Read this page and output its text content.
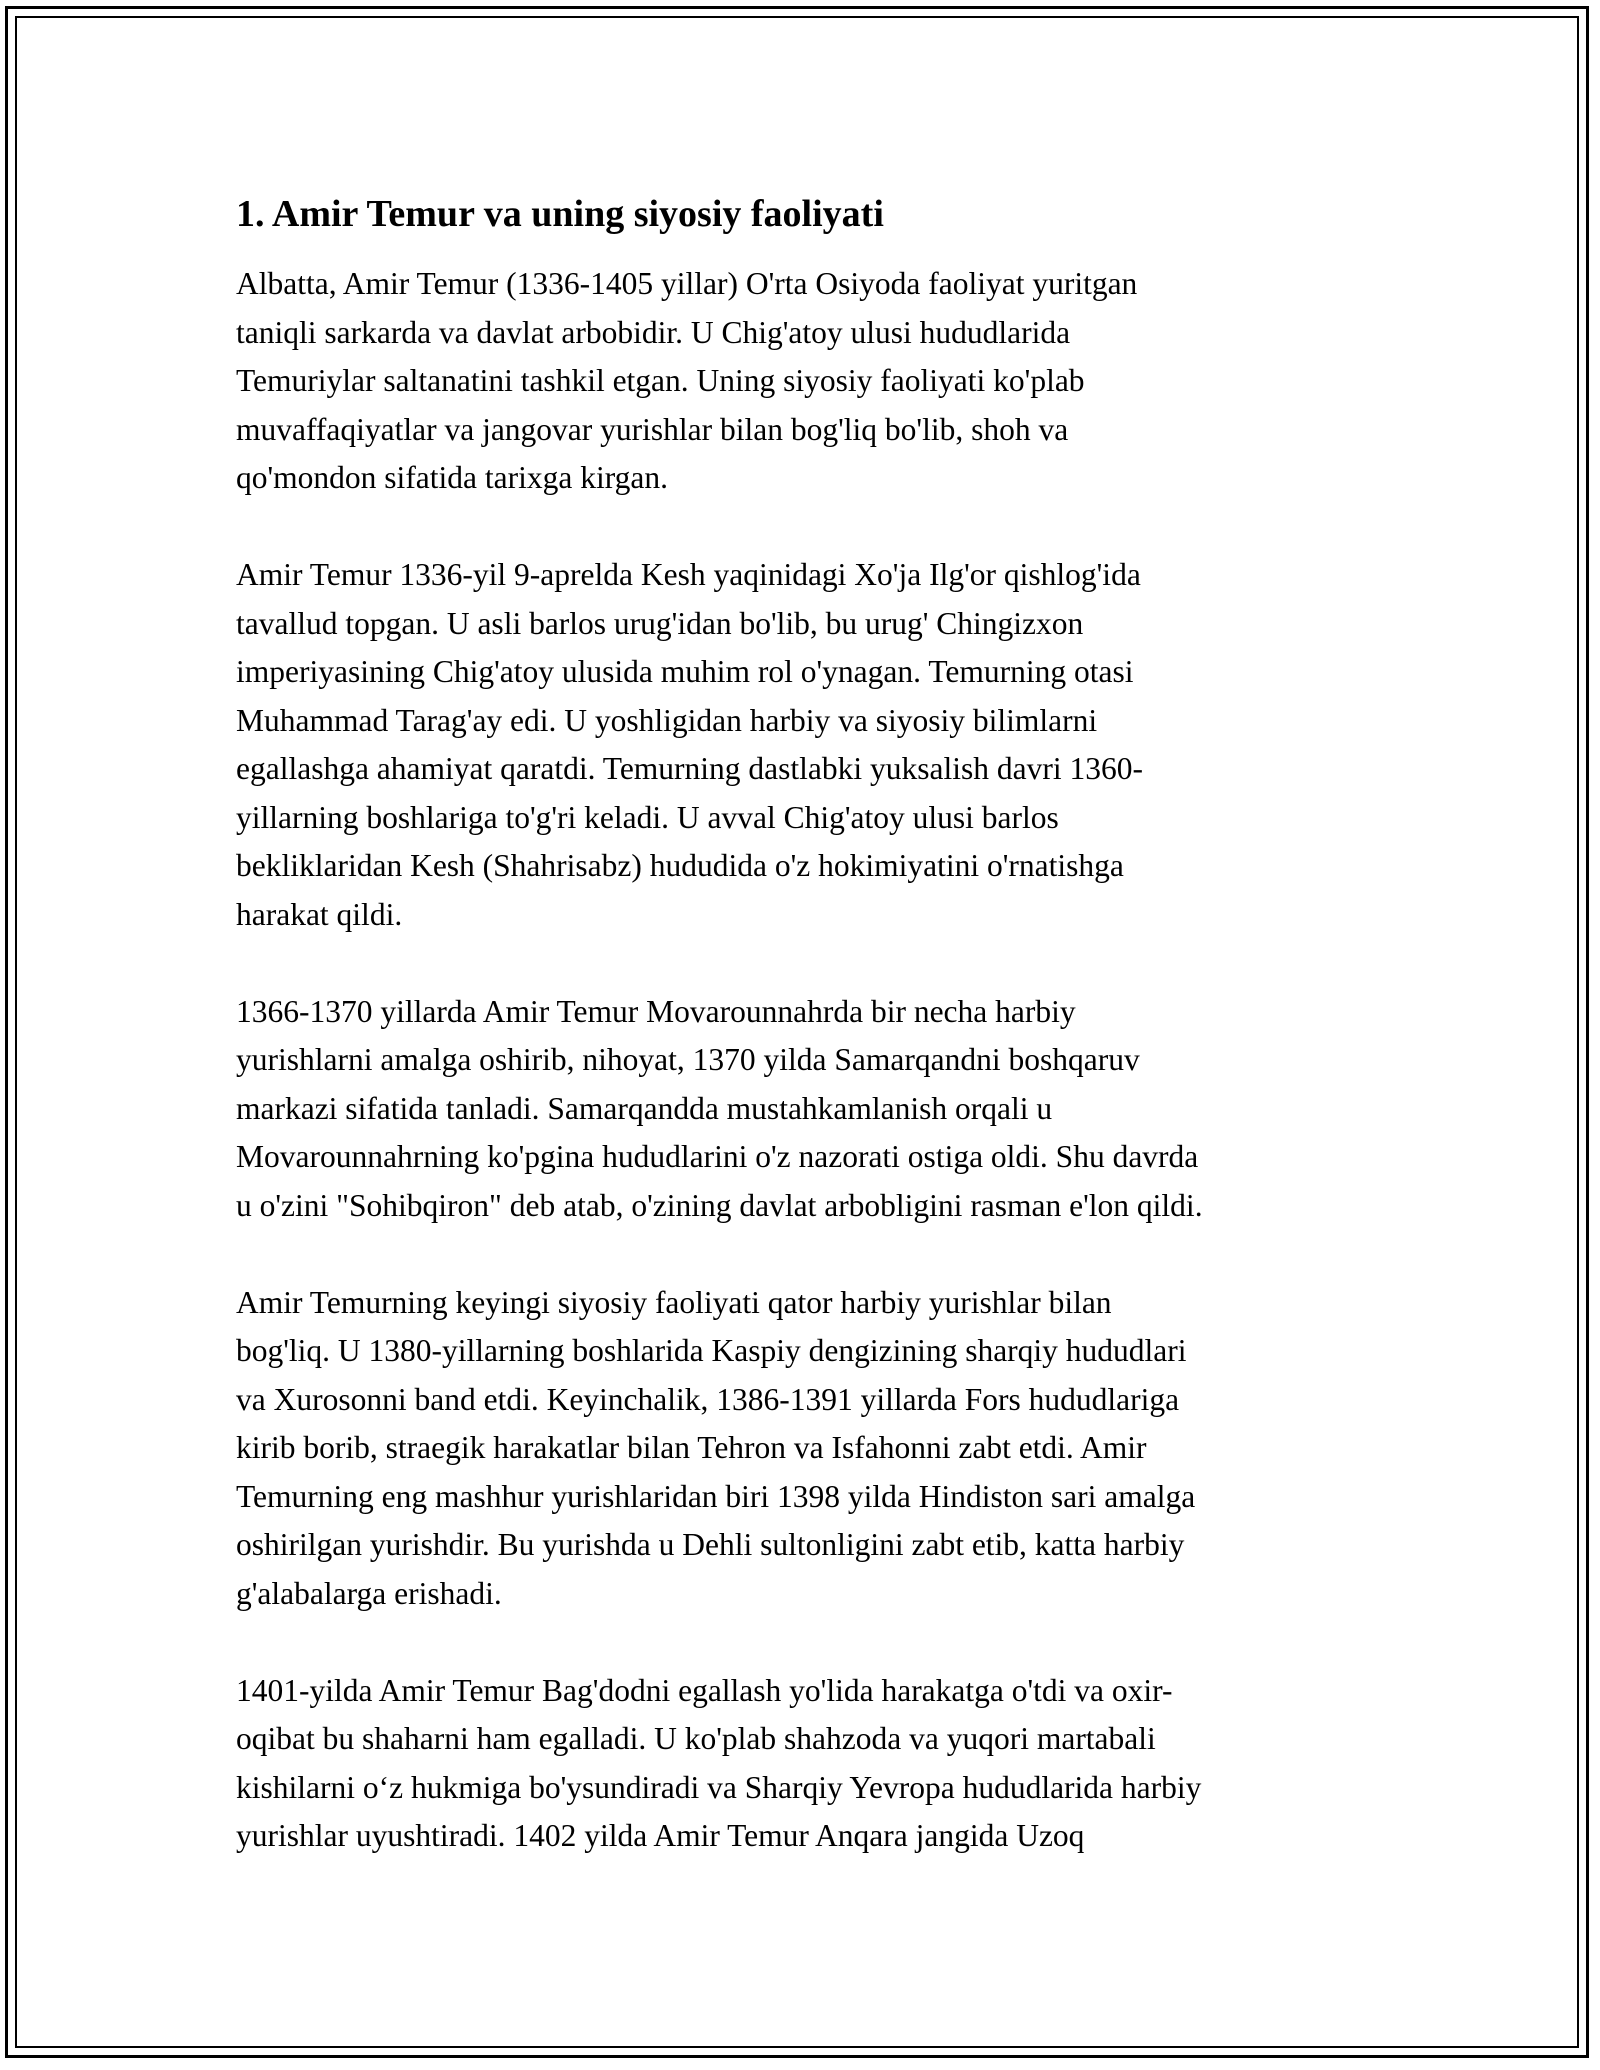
1. Amir Temur va uning siyosiy faoliyati
Albatta, Amir Temur (1336-1405 yillar) O'rta Osiyoda faoliyat yuritgan
taniqli sarkarda va davlat arbobidir. U Chig'atoy ulusi hududlarida
Temuriylar saltanatini tashkil etgan. Uning siyosiy faoliyati ko'plab
muvaffaqiyatlar va jangovar yurishlar bilan bog'liq bo'lib, shoh va
qo'mondon sifatida tarixga kirgan.
Amir Temur 1336-yil 9-aprelda Kesh yaqinidagi Xo'ja Ilg'or qishlog'ida
tavallud topgan. U asli barlos urug'idan bo'lib, bu urug' Chingizxon
imperiyasining Chig'atoy ulusida muhim rol o'ynagan. Temurning otasi
Muhammad Tarag'ay edi. U yoshligidan harbiy va siyosiy bilimlarni
egallashga ahamiyat qaratdi. Temurning dastlabki yuksalish davri 1360-
yillarning boshlariga to'g'ri keladi. U avval Chig'atoy ulusi barlos
bekliklaridan Kesh (Shahrisabz) hududida o'z hokimiyatini o'rnatishga
harakat qildi.
1366-1370 yillarda Amir Temur Movarounnahrda bir necha harbiy
yurishlarni amalga oshirib, nihoyat, 1370 yilda Samarqandni boshqaruv
markazi sifatida tanladi. Samarqandda mustahkamlanish orqali u
Movarounnahrning ko'pgina hududlarini o'z nazorati ostiga oldi. Shu davrda
u o'zini "Sohibqiron" deb atab, o'zining davlat arbobligini rasman e'lon qildi.
Amir Temurning keyingi siyosiy faoliyati qator harbiy yurishlar bilan
bog'liq. U 1380-yillarning boshlarida Kaspiy dengizining sharqiy hududlari
va Xurosonni band etdi. Keyinchalik, 1386-1391 yillarda Fors hududlariga
kirib borib, straegik harakatlar bilan Tehron va Isfahonni zabt etdi. Amir
Temurning eng mashhur yurishlaridan biri 1398 yilda Hindiston sari amalga
oshirilgan yurishdir. Bu yurishda u Dehli sultonligini zabt etib, katta harbiy
g'alabalarga erishadi.
1401-yilda Amir Temur Bag'dodni egallash yo'lida harakatga o'tdi va oxir-
oqibat bu shaharni ham egalladi. U ko'plab shahzoda va yuqori martabali
kishilarni o‘z hukmiga bo'ysundiradi va Sharqiy Yevropa hududlarida harbiy
yurishlar uyushtiradi. 1402 yilda Amir Temur Anqara jangida Uzoq
